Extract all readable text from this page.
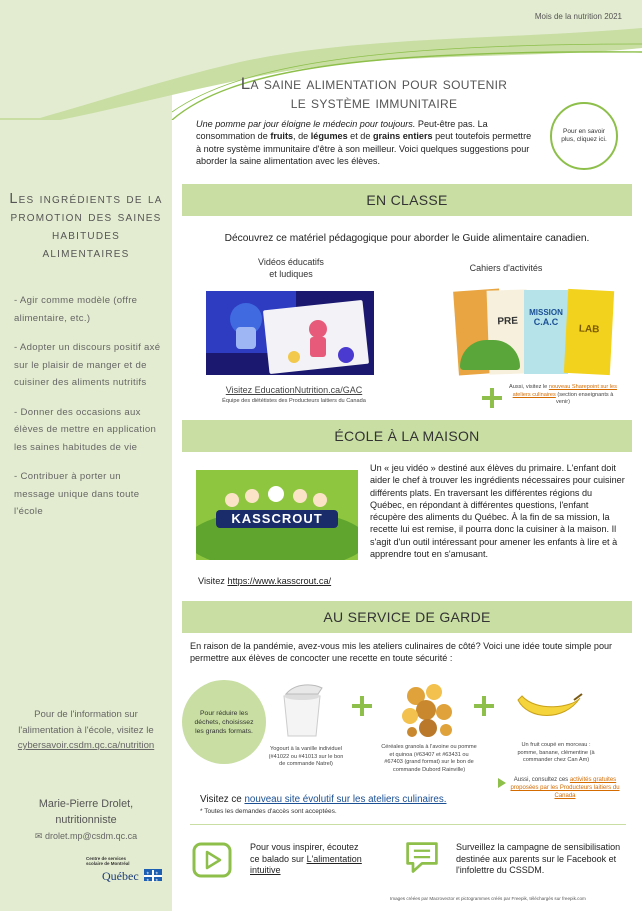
Mois de la nutrition 2021
Les ingrédients de la promotion des saines habitudes alimentaires
- Agir comme modèle (offre alimentaire, etc.)
- Adopter un discours positif axé sur le plaisir de manger et de cuisiner des aliments nutritifs
- Donner des occasions aux élèves de mettre en application les saines habitudes de vie
- Contribuer à porter un message unique dans toute l'école
Pour de l'information sur l'alimentation à l'école, visitez le
cybersavoir.csdm.qc.ca/nutrition
Marie-Pierre Drolet,
nutritionniste
✉ drolet.mp@csdm.qc.ca
Centre de services scolaire de Montréal
Québec ⚜ ⚜
⚜ ⚜
La saine alimentation pour soutenir
le système immunitaire
Une pomme par jour éloigne le médecin pour toujours. Peut-être pas. La consommation de fruits, de légumes et de grains entiers peut toutefois permettre à notre système immunitaire d'être à son meilleur. Voici quelques suggestions pour aborder la saine alimentation avec les élèves.
Pour en savoir plus, cliquez ici.
EN CLASSE
Découvrez ce matériel pédagogique pour aborder le Guide alimentaire canadien.
Vidéos éducatifs
et ludiques
Cahiers d'activités
PRE
MISSION
C.A.C
LAB
Visitez EducationNutrition.ca/GAC
Équipe des diététistes des Producteurs laitiers du Canada
Aussi, visitez le nouveau Sharepoint sur les ateliers culinaires (section enseignants à venir)
ÉCOLE À LA MAISON
KASSCROUT
Un « jeu vidéo » destiné aux élèves du primaire. L'enfant doit aider le chef à trouver les ingrédients nécessaires pour cuisiner différents plats. En traversant les différentes régions du Québec, en répondant à différentes questions, l'enfant récupère des aliments du Québec. À la fin de sa mission, la recette lui est remise, il pourra donc la cuisiner à la maison. Il s'agit d'un outil intéressant pour amener les enfants à lire et à apprendre tout en s'amusant.
Visitez https://www.kasscrout.ca/
AU SERVICE DE GARDE
En raison de la pandémie, avez-vous mis les ateliers culinaires de côté? Voici une idée toute simple pour permettre aux élèves de concocter une recette en toute sécurité :
Pour réduire les déchets, choisissez les grands formats.
Yogourt à la vanille individuel (#41022 ou #41013 sur le bon de commande Natrel)
Céréales granola à l'avoine ou pomme et quinoa (#63407 et #63431 ou #67403 (grand format) sur le bon de commande Dubord Rainville)
Un fruit coupé en morceau : pomme, banane, clémentine (à commander chez Can Am)
Aussi, consultez ces activités gratuites proposées par les Producteurs laitiers du Canada
Visitez ce nouveau site évolutif sur les ateliers culinaires.
* Toutes les demandes d'accès sont acceptées.
Pour vous inspirer, écoutez ce balado sur L'alimentation intuitive
Surveillez la campagne de sensibilisation destinée aux parents sur le Facebook et l'infolettre du CSSDM.
Images créées par Macrovector et pictogrammes créés par Freepik, téléchargés sur freepik.com
